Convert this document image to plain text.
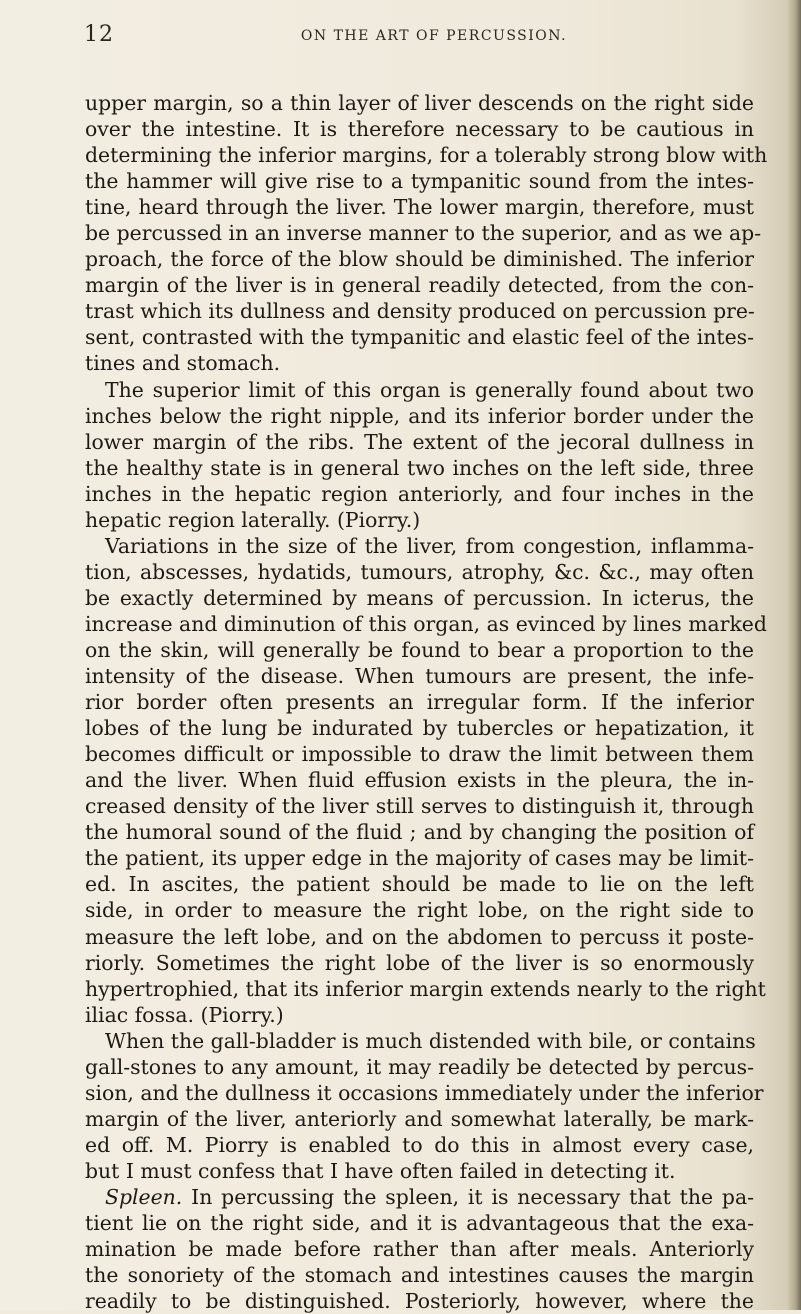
12	ON THE ART OF PERCUSSION.
upper margin, so a thin layer of liver descends on the right side
over the intestine. It is therefore necessary to be cautious in
determining the inferior margins, for a tolerably strong blow with
the hammer will give rise to a tympanitic sound from the intes-
tine, heard through the liver. The lower margin, therefore, must
be percussed in an inverse manner to the superior, and as we ap-
proach, the force of the blow should be diminished. The inferior
margin of the liver is in general readily detected, from the con-
trast which its dullness and density produced on percussion pre-
sent, contrasted with the tympanitic and elastic feel of the intes-
tines and stomach.
The superior limit of this organ is generally found about two
inches below the right nipple, and its inferior border under the
lower margin of the ribs. The extent of the jecoral dullness in
the healthy state is in general two inches on the left side, three
inches in the hepatic region anteriorly, and four inches in the
hepatic region laterally. (Piorry.)
Variations in the size of the liver, from congestion, inflamma-
tion, abscesses, hydatids, tumours, atrophy, &c. &c., may often
be exactly determined by means of percussion. In icterus, the
increase and diminution of this organ, as evinced by lines marked
on the skin, will generally be found to bear a proportion to the
intensity of the disease. When tumours are present, the infe-
rior border often presents an irregular form. If the inferior
lobes of the lung be indurated by tubercles or hepatization, it
becomes difficult or impossible to draw the limit between them
and the liver. When fluid effusion exists in the pleura, the in-
creased density of the liver still serves to distinguish it, through
the humoral sound of the fluid ; and by changing the position of
the patient, its upper edge in the majority of cases may be limit-
ed. In ascites, the patient should be made to lie on the left
side, in order to measure the right lobe, on the right side to
measure the left lobe, and on the abdomen to percuss it poste-
riorly. Sometimes the right lobe of the liver is so enormously
hypertrophied, that its inferior margin extends nearly to the right
iliac fossa. (Piorry.)
When the gall-bladder is much distended with bile, or contains
gall-stones to any amount, it may readily be detected by percus-
sion, and the dullness it occasions immediately under the inferior
margin of the liver, anteriorly and somewhat laterally, be mark-
ed off. M. Piorry is enabled to do this in almost every case,
but I must confess that I have often failed in detecting it.
Spleen. In percussing the spleen, it is necessary that the pa-
tient lie on the right side, and it is advantageous that the exa-
mination be made before rather than after meals. Anteriorly
the sonoriety of the stomach and intestines causes the margin
readily to be distinguished. Posteriorly, however, where the
